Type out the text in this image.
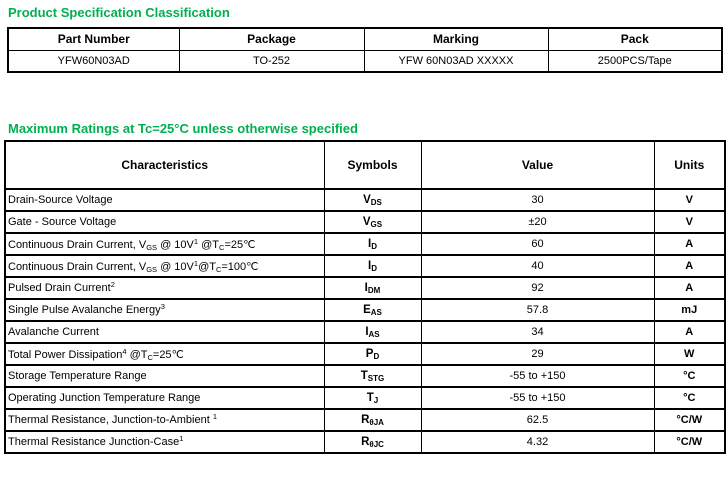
Product Specification Classification
Part Number	Package	Marking	Pack
YFW60N03AD	TO-252	YFW 60N03AD XXXXX	2500PCS/Tape
Maximum Ratings at Tc=25°C unless otherwise specified
Characteristics	Symbols	Value	Units
Drain-Source Voltage	$V_{DS}$	30	V
Gate - Source Voltage	$V_{GS}$	±20	V
Continuous Drain Current, $V_{GS}$ @ $10V^1$ $@T_C=25℃$	$I_D$	60	A
Continuous Drain Current, $V_{GS}$ @ $10V^1@T_C=100℃$	$I_D$	40	A
Pulsed Drain Current$^2$	$I_{DM}$	92	A
Single Pulse Avalanche Energy$^3$	$E_{AS}$	57.8	mJ
Avalanche Current	$I_{AS}$	34	A
Total Power Dissipation$^4$ $@T_C=25℃$	$P_D$	29	W
Storage Temperature Range	$T_{STG}$	-55 to +150	°C
Operating Junction Temperature Range	$T_J$	-55 to +150	°C
Thermal Resistance, Junction-to-Ambient $^1$	$R_{\theta JA}$	62.5	°C/W
Thermal Resistance Junction-Case$^1$	$R_{\theta JC}$	4.32	°C/W
